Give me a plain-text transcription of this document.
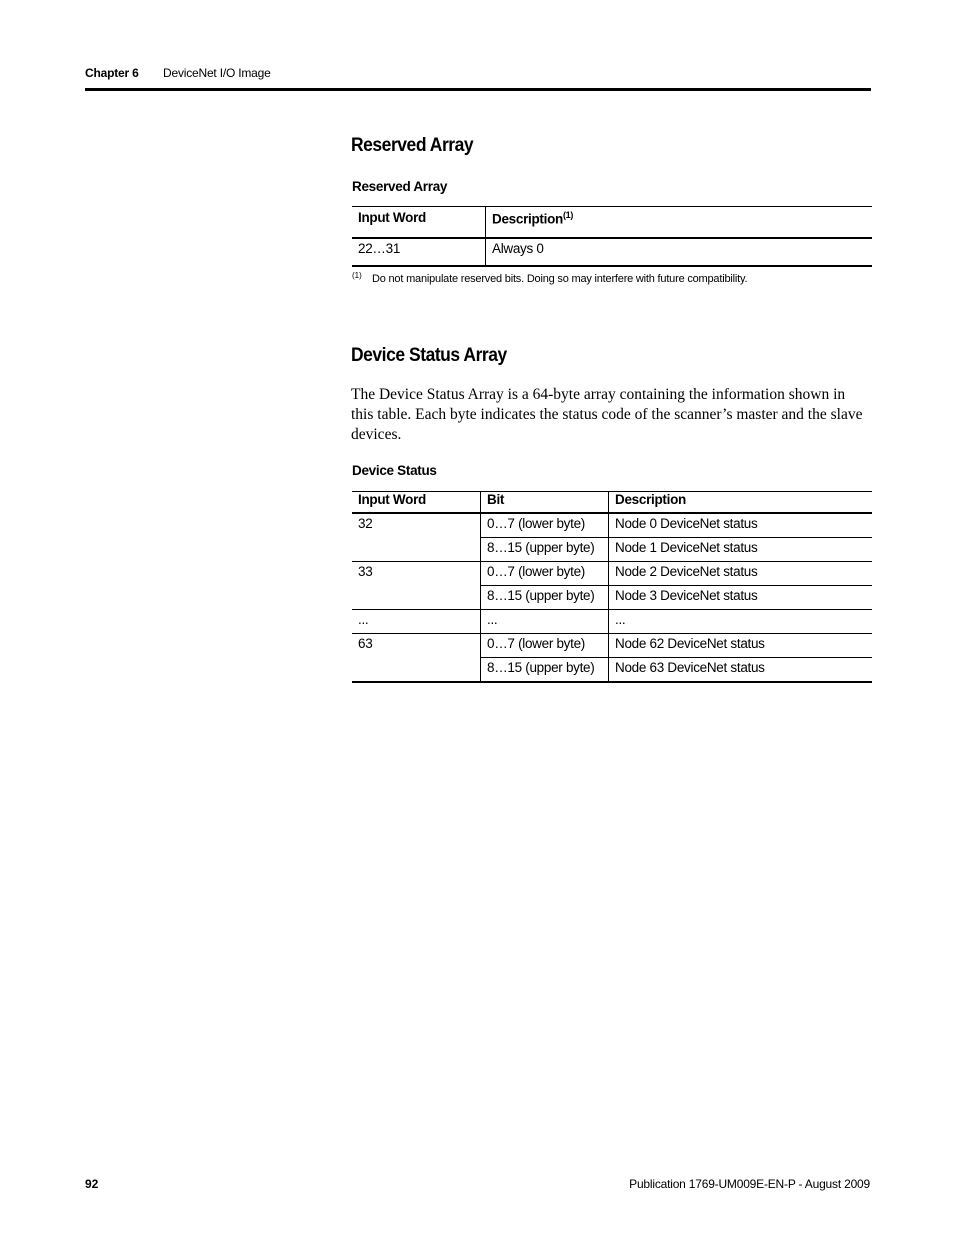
Chapter 6 DeviceNet I/O Image
Reserved Array
Reserved Array
Input Word	Description$^{(1)}$
22…31	Always 0
(1) Do not manipulate reserved bits. Doing so may interfere with future compatibility.
Device Status Array
The Device Status Array is a 64-byte array containing the information shown in this table. Each byte indicates the status code of the scanner’s master and the slave devices.
Device Status
Input Word	Bit	Description
32	0…7 (lower byte)	Node 0 DeviceNet status
	8…15 (upper byte)	Node 1 DeviceNet status
33	0…7 (lower byte)	Node 2 DeviceNet status
	8…15 (upper byte)	Node 3 DeviceNet status
...	...	...
63	0…7 (lower byte)	Node 62 DeviceNet status
	8…15 (upper byte)	Node 63 DeviceNet status
92	Publication 1769-UM009E-EN-P - August 2009
